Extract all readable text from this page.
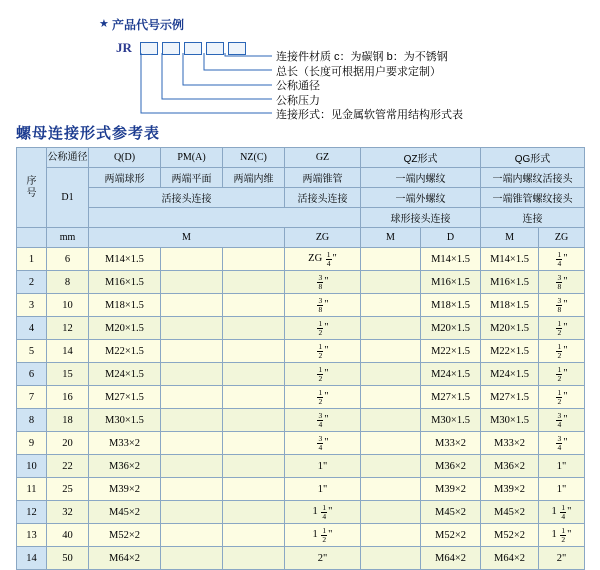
★ 产品代号示例
JR
连接件材质 c：为碳钢 b：为不锈钢
总长（长度可根据用户要求定制）
公称通径
公称压力
连接形式：见金属软管常用结构形式表
螺母连接形式参考表
序号	公称通径	Q(D)	PM(A)	NZ(C)	GZ	QZ形式		QG形式	

	D1	两端球形	两端平面	两端内维	两端锥管	一端内螺纹		一端内螺纹活接头	
		活接头连接			活接头连接	一端外螺纹		一端锥管螺纹接头	
						球形接头连接		连接	
	mm	M			ZG	M	D	M	ZG
1	6	M14×1.5			ZG $\frac{1}{4}$ "		M14×1.5	M14×1.5	$\frac{1}{4}$ "
2	8	M16×1.5			$\frac{3}{8}$ "		M16×1.5	M16×1.5	$\frac{3}{8}$ "
3	10	M18×1.5			$\frac{3}{8}$ "		M18×1.5	M18×1.5	$\frac{3}{8}$ "
4	12	M20×1.5			$\frac{1}{2}$ "		M20×1.5	M20×1.5	$\frac{1}{2}$ "
5	14	M22×1.5			$\frac{1}{2}$ "		M22×1.5	M22×1.5	$\frac{1}{2}$ "
6	15	M24×1.5			$\frac{1}{2}$ "		M24×1.5	M24×1.5	$\frac{1}{2}$ "
7	16	M27×1.5			$\frac{1}{2}$ "		M27×1.5	M27×1.5	$\frac{1}{2}$ "
8	18	M30×1.5			$\frac{3}{4}$ "		M30×1.5	M30×1.5	$\frac{3}{4}$ "
9	20	M33×2			$\frac{3}{4}$ "		M33×2	M33×2	$\frac{3}{4}$ "
10	22	M36×2			1"		M36×2	M36×2	1"
11	25	M39×2			1"		M39×2	M39×2	1"
12	32	M45×2			$1 \frac{1}{4}$ "		M45×2	M45×2	$1 \frac{1}{4}$ "
13	40	M52×2			$1 \frac{1}{2}$ "		M52×2	M52×2	$1 \frac{1}{2}$ "
14	50	M64×2			2"		M64×2	M64×2	2"
